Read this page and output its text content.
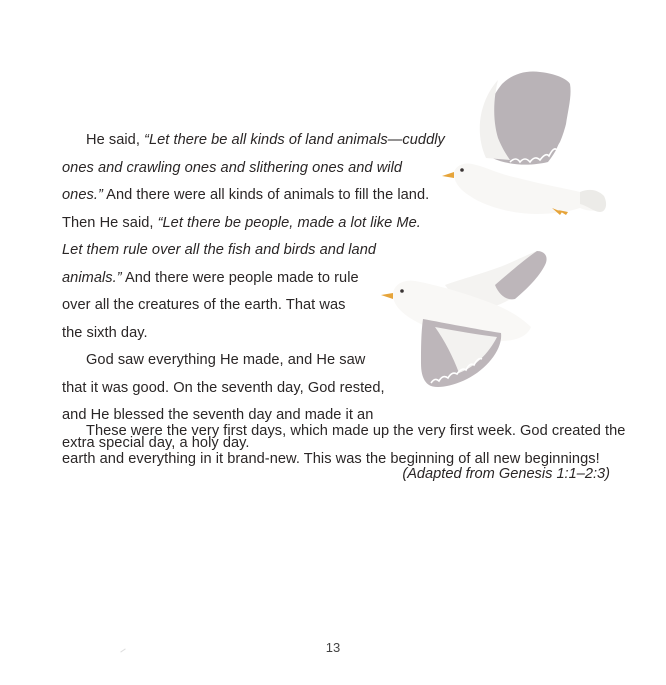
He said, “Let there be all kinds of land animals—cuddly
ones and crawling ones and slithering ones and wild
ones.” And there were all kinds of animals to fill the land.
Then He said, “Let there be people, made a lot like Me.
Let them rule over all the fish and birds and land
animals.” And there were people made to rule
over all the creatures of the earth. That was
the sixth day.
God saw everything He made, and He saw
that it was good. On the seventh day, God rested,
and He blessed the seventh day and made it an
extra special day, a holy day.
These were the very first days, which made up the very first week. God created the
earth and everything in it brand-new. This was the beginning of all new beginnings!
(Adapted from Genesis 1:1–2:3)
13
